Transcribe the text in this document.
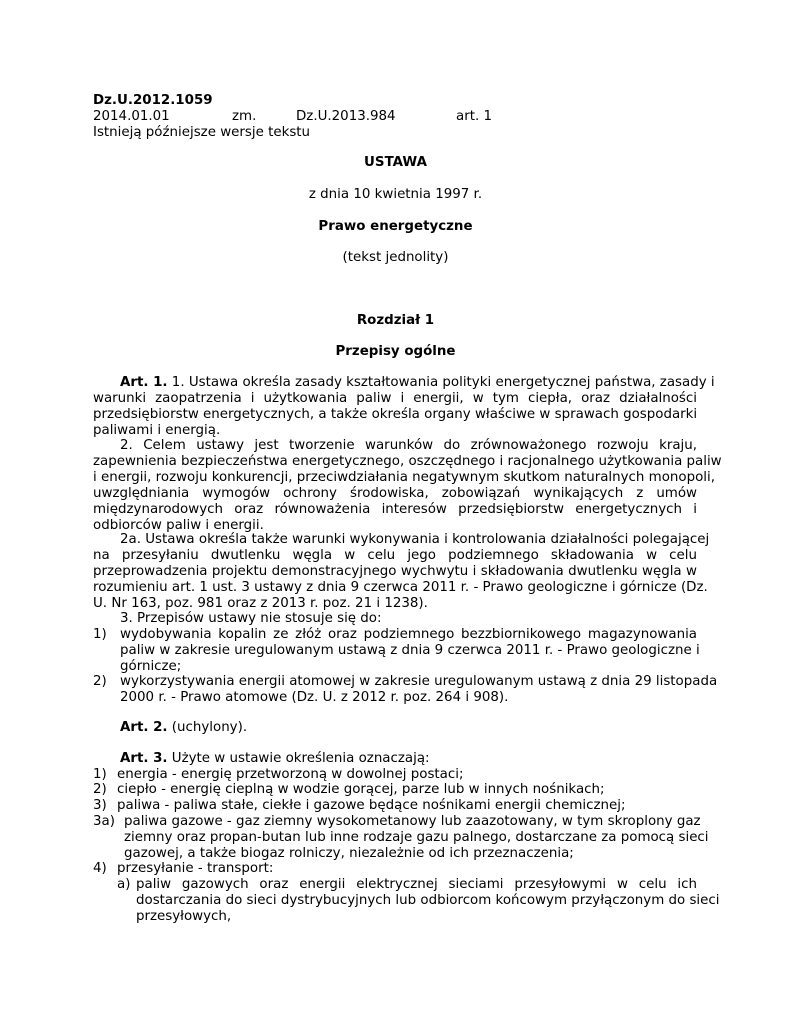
Dz.U.2012.1059
2014.01.01	zm.	Dz.U.2013.984	art. 1
Istnieją późniejsze wersje tekstu
USTAWA
z dnia 10 kwietnia 1997 r.
Prawo energetyczne
(tekst jednolity)
Rozdział 1
Przepisy ogólne
Art. 1. 1. Ustawa określa zasady kształtowania polityki energetycznej państwa, zasady i
warunki zaopatrzenia i użytkowania paliw i energii, w tym ciepła, oraz działalności
przedsiębiorstw energetycznych, a także określa organy właściwe w sprawach gospodarki
paliwami i energią.
2. Celem ustawy jest tworzenie warunków do zrównoważonego rozwoju kraju,
zapewnienia bezpieczeństwa energetycznego, oszczędnego i racjonalnego użytkowania paliw
i energii, rozwoju konkurencji, przeciwdziałania negatywnym skutkom naturalnych monopoli,
uwzględniania wymogów ochrony środowiska, zobowiązań wynikających z umów
międzynarodowych oraz równoważenia interesów przedsiębiorstw energetycznych i
odbiorców paliw i energii.
2a. Ustawa określa także warunki wykonywania i kontrolowania działalności polegającej
na przesyłaniu dwutlenku węgla w celu jego podziemnego składowania w celu
przeprowadzenia projektu demonstracyjnego wychwytu i składowania dwutlenku węgla w
rozumieniu art. 1 ust. 3 ustawy z dnia 9 czerwca 2011 r. - Prawo geologiczne i górnicze (Dz.
U. Nr 163, poz. 981 oraz z 2013 r. poz. 21 i 1238).
3. Przepisów ustawy nie stosuje się do:
1) wydobywania kopalin ze złóż oraz podziemnego bezzbiornikowego magazynowania
paliw w zakresie uregulowanym ustawą z dnia 9 czerwca 2011 r. - Prawo geologiczne i
górnicze;
2) wykorzystywania energii atomowej w zakresie uregulowanym ustawą z dnia 29 listopada
2000 r. - Prawo atomowe (Dz. U. z 2012 r. poz. 264 i 908).
Art. 2. (uchylony).
Art. 3. Użyte w ustawie określenia oznaczają:
1) energia - energię przetworzoną w dowolnej postaci;
2) ciepło - energię cieplną w wodzie gorącej, parze lub w innych nośnikach;
3) paliwa - paliwa stałe, ciekłe i gazowe będące nośnikami energii chemicznej;
3a) paliwa gazowe - gaz ziemny wysokometanowy lub zaazotowany, w tym skroplony gaz
ziemny oraz propan-butan lub inne rodzaje gazu palnego, dostarczane za pomocą sieci
gazowej, a także biogaz rolniczy, niezależnie od ich przeznaczenia;
4) przesyłanie - transport:
a) paliw gazowych oraz energii elektrycznej sieciami przesyłowymi w celu ich
dostarczania do sieci dystrybucyjnych lub odbiorcom końcowym przyłączonym do sieci
przesyłowych,
